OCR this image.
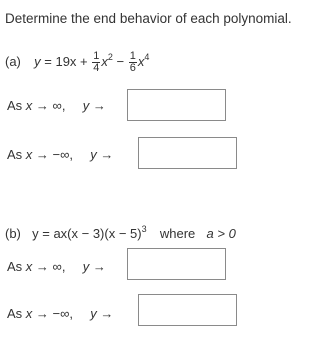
Determine the end behavior of each polynomial.
(a) $y = 19x + \frac{1}{4} x^2 - \frac{1}{6} x^4$
As x → ∞, y →
As x → −∞, y →
(b) $y = ax(x - 3)(x - 5)^3$ where a > 0
As x → ∞, y →
As x → −∞, y →
